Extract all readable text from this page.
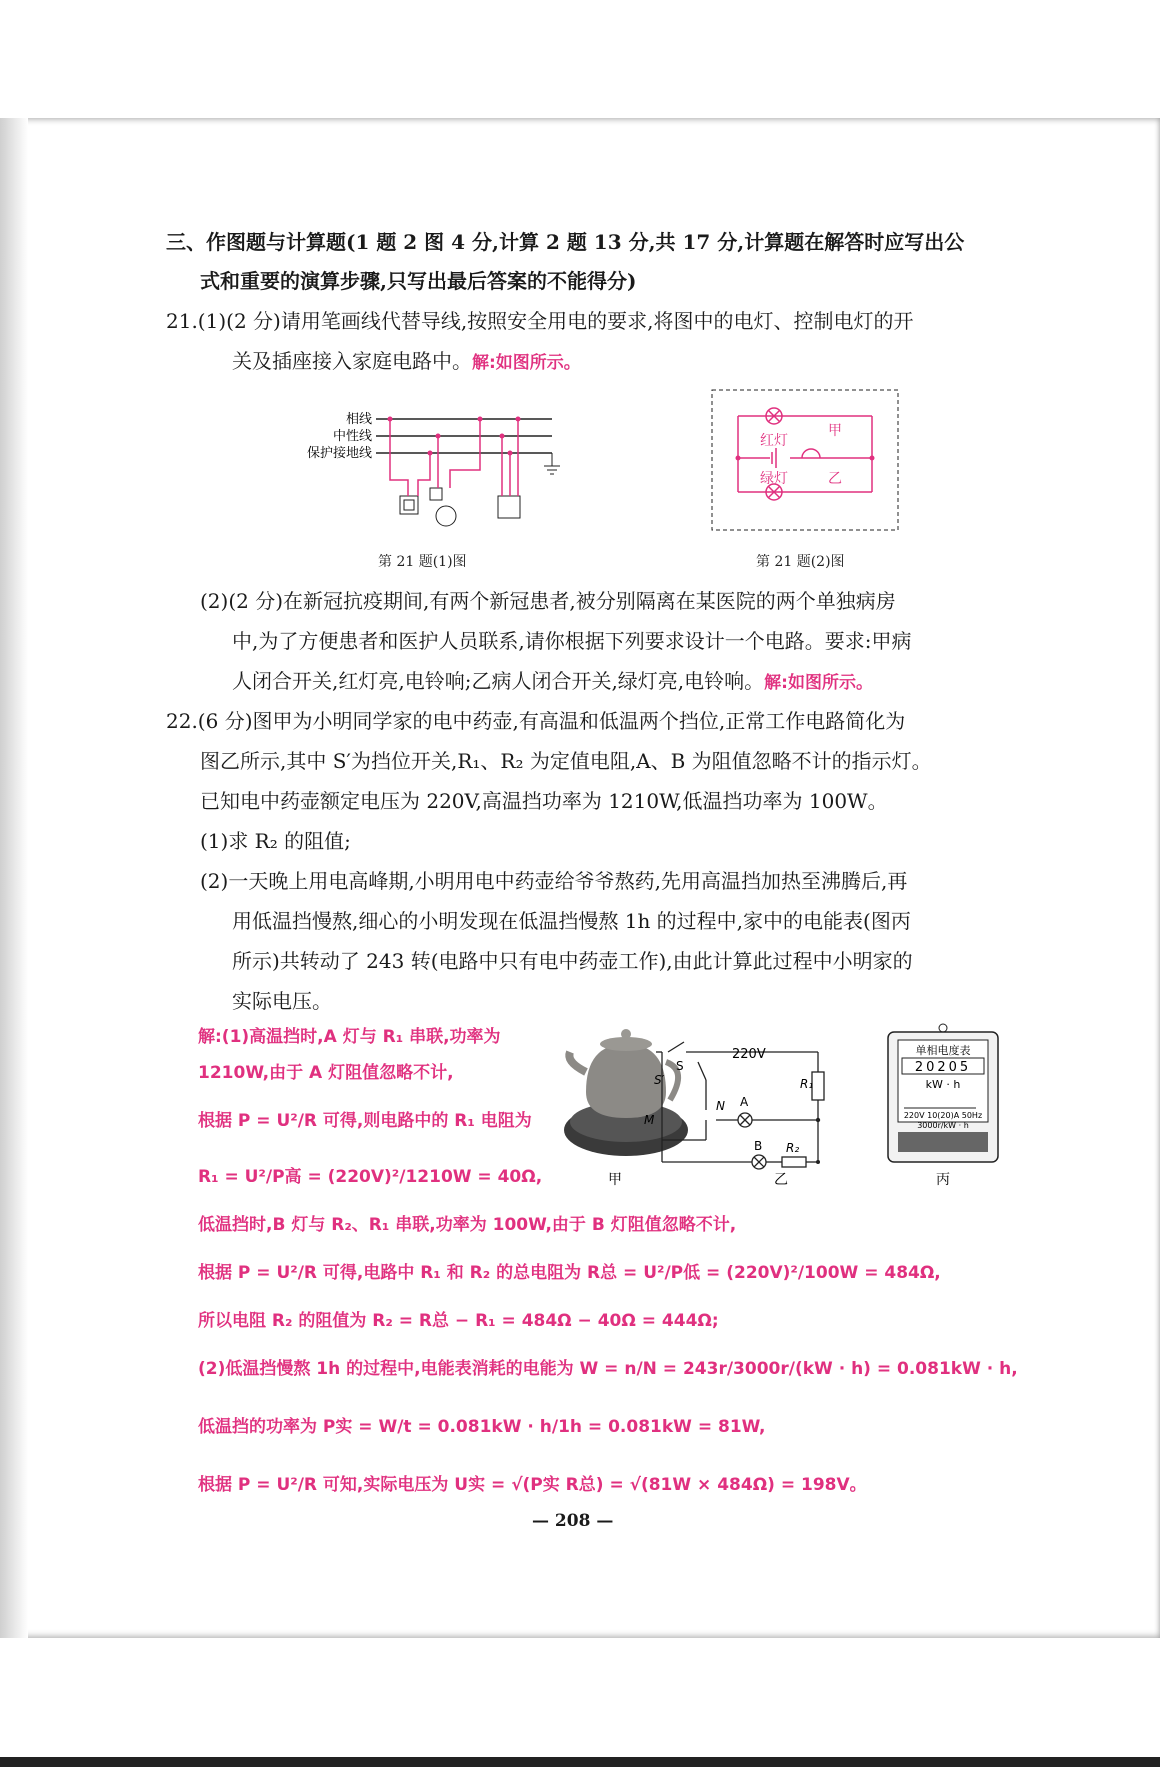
三、作图题与计算题(1 题 2 图 4 分,计算 2 题 13 分,共 17 分,计算题在解答时应写出公
式和重要的演算步骤,只写出最后答案的不能得分)
21.(1)(2 分)请用笔画线代替导线,按照安全用电的要求,将图中的电灯、控制电灯的开
关及插座接入家庭电路中。解:如图所示。
相线
中性线
保护接地线
第 21 题(1)图
红灯
绿灯
甲
乙
第 21 题(2)图
(2)(2 分)在新冠抗疫期间,有两个新冠患者,被分别隔离在某医院的两个单独病房
中,为了方便患者和医护人员联系,请你根据下列要求设计一个电路。要求:甲病
人闭合开关,红灯亮,电铃响;乙病人闭合开关,绿灯亮,电铃响。解:如图所示。
22.(6 分)图甲为小明同学家的电中药壶,有高温和低温两个挡位,正常工作电路简化为
图乙所示,其中 S′为挡位开关,R₁、R₂ 为定值电阻,A、B 为阻值忽略不计的指示灯。
已知电中药壶额定电压为 220V,高温挡功率为 1210W,低温挡功率为 100W。
(1)求 R₂ 的阻值;
(2)一天晚上用电高峰期,小明用电中药壶给爷爷熬药,先用高温挡加热至沸腾后,再
用低温挡慢熬,细心的小明发现在低温挡慢熬 1h 的过程中,家中的电能表(图丙
所示)共转动了 243 转(电路中只有电中药壶工作),由此计算此过程中小明家的
实际电压。
甲
220V
S
S′
M
N A
B
R₁
R₂
乙
单相电度表
20205
kW · h
220V 10(20)A 50Hz
3000r/kW · h
丙
解:(1)高温挡时,A 灯与 R₁ 串联,功率为
1210W,由于 A 灯阻值忽略不计,
根据 P = U²/R 可得,则电路中的 R₁ 电阻为
R₁ = U²/P高 = (220V)²/1210W = 40Ω,
低温挡时,B 灯与 R₂、R₁ 串联,功率为 100W,由于 B 灯阻值忽略不计,
根据 P = U²/R 可得,电路中 R₁ 和 R₂ 的总电阻为 R总 = U²/P低 = (220V)²/100W = 484Ω,
所以电阻 R₂ 的阻值为 R₂ = R总 − R₁ = 484Ω − 40Ω = 444Ω;
(2)低温挡慢熬 1h 的过程中,电能表消耗的电能为 W = n/N = 243r/3000r/(kW · h) = 0.081kW · h,
低温挡的功率为 P实 = W/t = 0.081kW · h/1h = 0.081kW = 81W,
根据 P = U²/R 可知,实际电压为 U实 = √(P实 R总) = √(81W × 484Ω) = 198V。
— 208 —
